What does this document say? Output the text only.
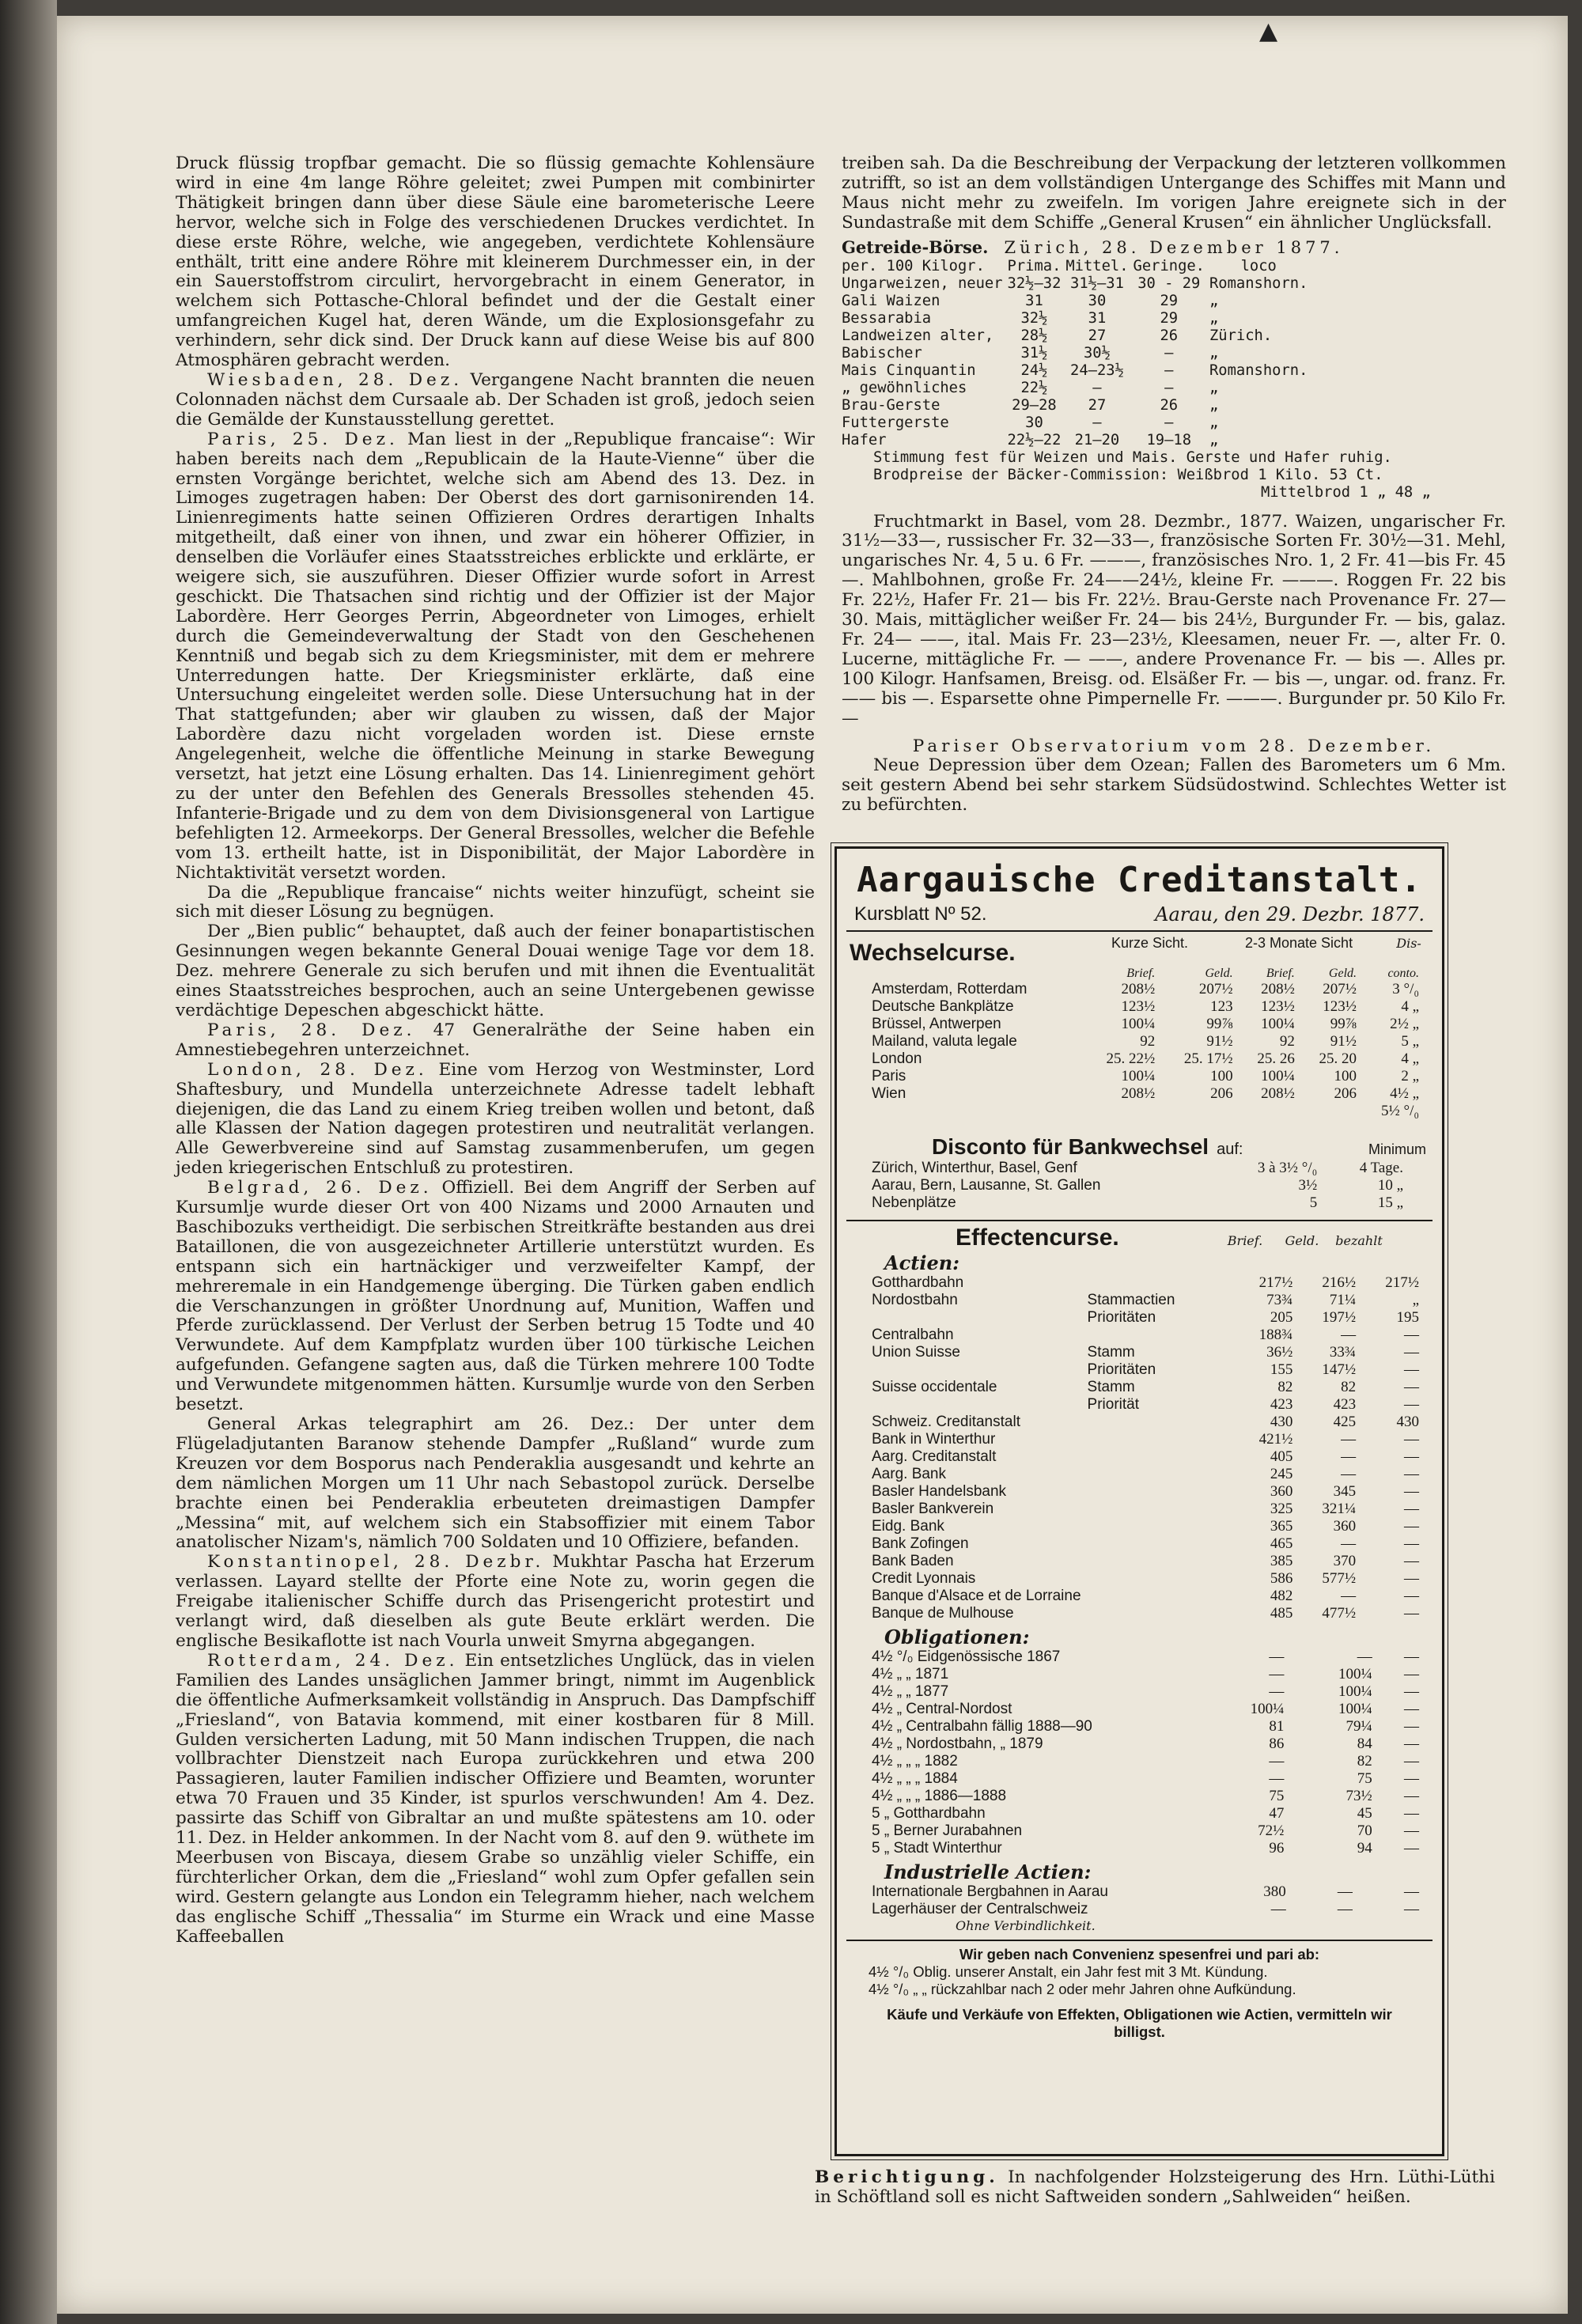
▲

Druck flüssig tropfbar gemacht. Die so flüssig gemachte Kohlensäure wird in eine 4m lange Röhre geleitet; zwei Pumpen mit combinirter Thätigkeit bringen dann über diese Säule eine barometerische Leere hervor, welche sich in Folge des verschiedenen Druckes verdichtet. In diese erste Röhre, welche, wie angegeben, verdichtete Kohlensäure enthält, tritt eine andere Röhre mit kleinerem Durchmesser ein, in der ein Sauerstoffstrom circulirt, hervorgebracht in einem Generator, in welchem sich Pottasche-Chloral befindet und der die Gestalt einer umfangreichen Kugel hat, deren Wände, um die Explosionsgefahr zu verhindern, sehr dick sind. Der Druck kann auf diese Weise bis auf 800 Atmosphären gebracht werden.

Wiesbaden, 28. Dez. Vergangene Nacht brannten die neuen Colonnaden nächst dem Cursaale ab. Der Schaden ist groß, jedoch seien die Gemälde der Kunstausstellung gerettet.

Paris, 25. Dez. Man liest in der „Republique francaise“: Wir haben bereits nach dem „Republicain de la Haute-Vienne“ über die ernsten Vorgänge berichtet, welche sich am Abend des 13. Dez. in Limoges zugetragen haben: Der Oberst des dort garnisonirenden 14. Linienregiments hatte seinen Offizieren Ordres derartigen Inhalts mitgetheilt, daß einer von ihnen, und zwar ein höherer Offizier, in denselben die Vorläufer eines Staatsstreiches erblickte und erklärte, er weigere sich, sie auszuführen. Dieser Offizier wurde sofort in Arrest geschickt. Die Thatsachen sind richtig und der Offizier ist der Major Labordère. Herr Georges Perrin, Abgeordneter von Limoges, erhielt durch die Gemeindeverwaltung der Stadt von den Geschehenen Kenntniß und begab sich zu dem Kriegsminister, mit dem er mehrere Unterredungen hatte. Der Kriegsminister erklärte, daß eine Untersuchung eingeleitet werden solle. Diese Untersuchung hat in der That stattgefunden; aber wir glauben zu wissen, daß der Major Labordère dazu nicht vorgeladen worden ist. Diese ernste Angelegenheit, welche die öffentliche Meinung in starke Bewegung versetzt, hat jetzt eine Lösung erhalten. Das 14. Linienregiment gehört zu der unter den Befehlen des Generals Bressolles stehenden 45. Infanterie-Brigade und zu dem von dem Divisionsgeneral von Lartigue befehligten 12. Armeekorps. Der General Bressolles, welcher die Befehle vom 13. ertheilt hatte, ist in Disponibilität, der Major Labordère in Nichtaktivität versetzt worden.

Da die „Republique francaise“ nichts weiter hinzufügt, scheint sie sich mit dieser Lösung zu begnügen.

Der „Bien public“ behauptet, daß auch der feiner bonapartistischen Gesinnungen wegen bekannte General Douai wenige Tage vor dem 18. Dez. mehrere Generale zu sich berufen und mit ihnen die Eventualität eines Staatsstreiches besprochen, auch an seine Untergebenen gewisse verdächtige Depeschen abgeschickt hätte.

Paris, 28. Dez. 47 Generalräthe der Seine haben ein Amnestiebegehren unterzeichnet.

London, 28. Dez. Eine vom Herzog von Westminster, Lord Shaftesbury, und Mundella unterzeichnete Adresse tadelt lebhaft diejenigen, die das Land zu einem Krieg treiben wollen und betont, daß alle Klassen der Nation dagegen protestiren und neutralität verlangen. Alle Gewerbvereine sind auf Samstag zusammenberufen, um gegen jeden kriegerischen Entschluß zu protestiren.

Belgrad, 26. Dez. Offiziell. Bei dem Angriff der Serben auf Kursumlje wurde dieser Ort von 400 Nizams und 2000 Arnauten und Baschibozuks vertheidigt. Die serbischen Streitkräfte bestanden aus drei Bataillonen, die von ausgezeichneter Artillerie unterstützt wurden. Es entspann sich ein hartnäckiger und verzweifelter Kampf, der mehreremale in ein Handgemenge überging. Die Türken gaben endlich die Verschanzungen in größter Unordnung auf, Munition, Waffen und Pferde zurücklassend. Der Verlust der Serben betrug 15 Todte und 40 Verwundete. Auf dem Kampfplatz wurden über 100 türkische Leichen aufgefunden. Gefangene sagten aus, daß die Türken mehrere 100 Todte und Verwundete mitgenommen hätten. Kursumlje wurde von den Serben besetzt.

General Arkas telegraphirt am 26. Dez.: Der unter dem Flügeladjutanten Baranow stehende Dampfer „Rußland“ wurde zum Kreuzen vor dem Bosporus nach Penderaklia ausgesandt und kehrte an dem nämlichen Morgen um 11 Uhr nach Sebastopol zurück. Derselbe brachte einen bei Penderaklia erbeuteten dreimastigen Dampfer „Messina“ mit, auf welchem sich ein Stabsoffizier mit einem Tabor anatolischer Nizam's, nämlich 700 Soldaten und 10 Offiziere, befanden.

Konstantinopel, 28. Dezbr. Mukhtar Pascha hat Erzerum verlassen. Layard stellte der Pforte eine Note zu, worin gegen die Freigabe italienischer Schiffe durch das Prisengericht protestirt und verlangt wird, daß dieselben als gute Beute erklärt werden. Die englische Besikaflotte ist nach Vourla unweit Smyrna abgegangen.

Rotterdam, 24. Dez. Ein entsetzliches Unglück, das in vielen Familien des Landes unsäglichen Jammer bringt, nimmt im Augenblick die öffentliche Aufmerksamkeit vollständig in Anspruch. Das Dampfschiff „Friesland“, von Batavia kommend, mit einer kostbaren für 8 Mill. Gulden versicherten Ladung, mit 50 Mann indischen Truppen, die nach vollbrachter Dienstzeit nach Europa zurückkehren und etwa 200 Passagieren, lauter Familien indischer Offiziere und Beamten, worunter etwa 70 Frauen und 35 Kinder, ist spurlos verschwunden! Am 4. Dez. passirte das Schiff von Gibraltar an und mußte spätestens am 10. oder 11. Dez. in Helder ankommen. In der Nacht vom 8. auf den 9. wüthete im Meerbusen von Biscaya, diesem Grabe so unzählig vieler Schiffe, ein fürchterlicher Orkan, dem die „Friesland“ wohl zum Opfer gefallen sein wird. Gestern gelangte aus London ein Telegramm hieher, nach welchem das englische Schiff „Thessalia“ im Sturme ein Wrack und eine Masse Kaffeeballen

treiben sah. Da die Beschreibung der Verpackung der letzteren vollkommen zutrifft, so ist an dem vollständigen Untergange des Schiffes mit Mann und Maus nicht mehr zu zweifeln. Im vorigen Jahre ereignete sich in der Sundastraße mit dem Schiffe „General Krusen“ ein ähnlicher Unglücksfall.

Getreide-Börse. Zürich, 28. Dezember 1877.
per. 100 Kilogr.	Prima.	Mittel.	Geringe.	loco
Ungarweizen, neuer	32½—32	31½—31	30 - 29	Romanshorn.
Gali Waizen	31	30	29	„
Bessarabia	32½	31	29	„
Landweizen alter,	28½	27	26	Zürich.
Babischer	31½	30½	—	„
Mais Cinquantin	24½	24—23½	—	Romanshorn.
„ gewöhnliches	22½	—	—	„
Brau-Gerste	29—28	27	26	„
Futtergerste	30	—	—	„
Hafer	22½—22	21—20	19—18	„
Stimmung fest für Weizen und Mais. Gerste und Hafer ruhig.
Brodpreise der Bäcker-Commission: Weißbrod 1 Kilo. 53 Ct.
Mittelbrod 1 „ 48 „

Fruchtmarkt in Basel, vom 28. Dezmbr., 1877. Waizen, ungarischer Fr. 31½—33—, russischer Fr. 32—33—, französische Sorten Fr. 30½—31. Mehl, ungarisches Nr. 4, 5 u. 6 Fr. ———, französisches Nro. 1, 2 Fr. 41—bis Fr. 45—. Mahlbohnen, große Fr. 24——24½, kleine Fr. ———. Roggen Fr. 22 bis Fr. 22½, Hafer Fr. 21— bis Fr. 22½. Brau-Gerste nach Provenance Fr. 27—30. Mais, mittäglicher weißer Fr. 24— bis 24½, Burgunder Fr. — bis, galaz. Fr. 24— ——, ital. Mais Fr. 23—23½, Kleesamen, neuer Fr. —, alter Fr. 0. Lucerne, mittägliche Fr. — ——, andere Provenance Fr. — bis —. Alles pr. 100 Kilogr. Hanfsamen, Breisg. od. Elsäßer Fr. — bis —, ungar. od. franz. Fr. —— bis —. Esparsette ohne Pimpernelle Fr. ———. Burgunder pr. 50 Kilo Fr. —

Pariser Observatorium vom 28. Dezember.

Neue Depression über dem Ozean; Fallen des Barometers um 6 Mm. seit gestern Abend bei sehr starkem Südsüdostwind. Schlechtes Wetter ist zu befürchten.

Aargauische Creditanstalt.
Kursblatt Nº 52.	Aarau, den 29. Dezbr. 1877.
Wechselcurse.	Kurze Sicht.	2-3 Monate Sicht	Dis-
	Brief.	Geld.	Brief.	Geld.	conto.
Amsterdam, Rotterdam	208½	207½	208½	207½	3 °/₀
Deutsche Bankplätze	123½	123	123½	123½	4 „
Brüssel, Antwerpen	100¼	99⅞	100¼	99⅞	2½ „
Mailand, valuta legale	92	91½	92	91½	5 „
London	25. 22½	25. 17½	25. 26	25. 20	4 „
Paris	100¼	100	100¼	100	2 „
Wien	208½	206	208½	206	4½ „
					5½ °/₀
Disconto für Bankwechsel auf:	Minimum
Zürich, Winterthur, Basel, Genf	3 à 3½ °/₀	4 Tage.
Aarau, Bern, Lausanne, St. Gallen	3½	10 „
Nebenplätze	5	15 „
Effectencurse.	Brief.	Geld.	bezahlt
Actien:
Gotthardbahn		217½	216½	217½
Nordostbahn	Stammactien	73¾	71¼	„
	Prioritäten	205	197½	195
Centralbahn		188¾	—	—
Union Suisse	Stamm	36½	33¾	—
	Prioritäten	155	147½	—
Suisse occidentale	Stamm	82	82	—
	Priorität	423	423	—
Schweiz. Creditanstalt		430	425	430
Bank in Winterthur		421½	—	—
Aarg. Creditanstalt		405	—	—
Aarg. Bank		245	—	—
Basler Handelsbank		360	345	—
Basler Bankverein		325	321¼	—
Eidg. Bank		365	360	—
Bank Zofingen		465	—	—
Bank Baden		385	370	—
Credit Lyonnais		586	577½	—
Banque d'Alsace et de Lorraine		482	—	—
Banque de Mulhouse		485	477½	—
Obligationen:
4½ °/₀ Eidgenössische 1867	—	—	—
4½ „ „ 1871	—	100¼	—
4½ „ „ 1877	—	100¼	—
4½ „ Central-Nordost	100¼	100¼	—
4½ „ Centralbahn fällig 1888—90	81	79¼	—
4½ „ Nordostbahn, „ 1879	86	84	—
4½ „ „ „ 1882	—	82	—
4½ „ „ „ 1884	—	75	—
4½ „ „ „ 1886—1888	75	73½	—
5 „ Gotthardbahn	47	45	—
5 „ Berner Jurabahnen	72½	70	—
5 „ Stadt Winterthur	96	94	—
Industrielle Actien:
Internationale Bergbahnen in Aarau	380	—	—
Lagerhäuser der Centralschweiz	—	—	—
Ohne Verbindlichkeit.
Wir geben nach Convenienz spesenfrei und pari ab:
4½ °/₀ Oblig. unserer Anstalt, ein Jahr fest mit 3 Mt. Kündung.
4½ °/₀ „ „ rückzahlbar nach 2 oder mehr Jahren ohne Aufkündung.
Käufe und Verkäufe von Effekten, Obligationen wie Actien, vermitteln wir billigst.
Berichtigung. In nachfolgender Holzsteigerung des Hrn. Lüthi-Lüthi in Schöftland soll es nicht Saftweiden sondern „Sahlweiden“ heißen.
